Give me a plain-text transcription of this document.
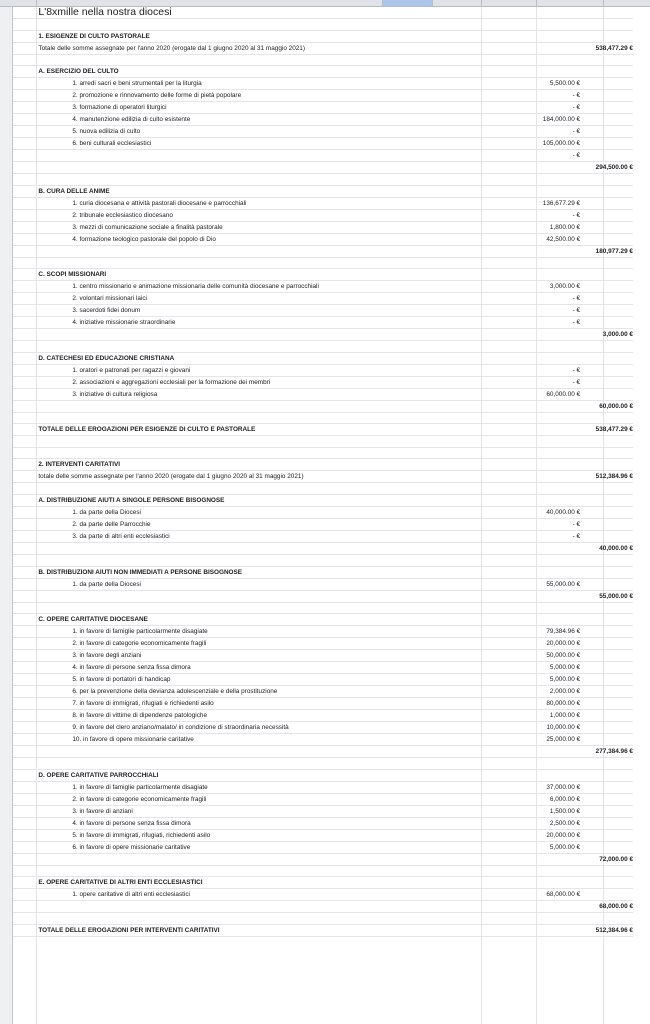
	L'8xmille nella nostra diocesi		

	1. ESIGENZE DI CULTO PASTORALE		
	Totale delle somme assegnate per l'anno 2020 (erogate dal 1 giugno 2020 al 31 maggio 2021)		538,477.29 €

	A. ESERCIZIO DEL CULTO		
	1. arredi sacri e beni strumentali per la liturgia	5,500.00 €	
	2. promozione e rinnovamento delle forme di pietà popolare	- €	
	3. formazione di operatori liturgici	- €	
	4. manutenzione edilizia di culto esistente	184,000.00 €	
	5. nuova edilizia di culto	- €	
	6. beni culturali ecclesiastici	105,000.00 €	
		- €	
			294,500.00 €

	B. CURA DELLE ANIME		
	1. curia diocesana e attività pastorali diocesane e parrocchiali	136,677.29 €	
	2. tribunale ecclesiastico diocesano	- €	
	3. mezzi di comunicazione sociale a finalità pastorale	1,800.00 €	
	4. formazione teologico pastorale del popolo di Dio	42,500.00 €	
			180,977.29 €

	C. SCOPI MISSIONARI		
	1. centro missionario e animazione missionaria delle comunità diocesane e parrocchiali	3,000.00 €	
	2. volontari missionari laici	- €	
	3. sacerdoti fidei donum	- €	
	4. iniziative missionarie straordinarie	- €	
			3,000.00 €

	D. CATECHESI ED EDUCAZIONE CRISTIANA		
	1. oratori e patronati per ragazzi e giovani	- €	
	2. associazioni e aggregazioni ecclesiali per la formazione dei membri	- €	
	3. iniziative di cultura religiosa	60,000.00 €	
			60,000.00 €

	TOTALE DELLE EROGAZIONI PER ESIGENZE DI CULTO E PASTORALE		538,477.29 €

	2. INTERVENTI CARITATIVI		
	totale delle somme assegnate per l'anno 2020 (erogate dal 1 giugno 2020 al 31 maggio 2021)		512,384.96 €

	A. DISTRIBUZIONE AIUTI A SINGOLE PERSONE BISOGNOSE		
	1. da parte della Diocesi	40,000.00 €	
	2. da parte delle Parrocchie	- €	
	3. da parte di altri enti ecclesiastici	- €	
			40,000.00 €

	B. DISTRIBUZIONI AIUTI NON IMMEDIATI A PERSONE BISOGNOSE		
	1. da parte della Diocesi	55,000.00 €	
			55,000.00 €

	C. OPERE CARITATIVE DIOCESANE		
	1. in favore di famiglie particolarmente disagiate	79,384.96 €	
	2. in favore di categorie economicamente fragili	20,000.00 €	
	3. in favore degli anziani	50,000.00 €	
	4. in favore di persone senza fissa dimora	5,000.00 €	
	5. in favore di portatori di handicap	5,000.00 €	
	6. per la prevenzione della devianza adolescenziale e della prostituzione	2,000.00 €	
	7. in favore di immigrati, rifugiati e richiedenti asilo	80,000.00 €	
	8. in favore di vittime di dipendenze patologiche	1,000.00 €	
	9. in favore del clero anziano/malato/ in condizione di straordinaria necessità	10,000.00 €	
	10. in favore di opere missionarie caritative	25,000.00 €	
			277,384.96 €

	D. OPERE CARITATIVE PARROCCHIALI		
	1. in favore di famiglie particolarmente disagiate	37,000.00 €	
	2. in favore di categorie economicamente fragili	6,000.00 €	
	3. in favore di anziani	1,500.00 €	
	4. in favore di persone senza fissa dimora	2,500.00 €	
	5. in favore di immigrati, rifugiati, richiedenti asilo	20,000.00 €	
	6. in favore di opere missionarie caritative	5,000.00 €	
			72,000.00 €

	E. OPERE CARITATIVE DI ALTRI ENTI ECCLESIASTICI		
	1. opere caritative di altri enti ecclesiastici	68,000.00 €	
			68,000.00 €

	TOTALE DELLE EROGAZIONI PER INTERVENTI CARITATIVI		512,384.96 €
